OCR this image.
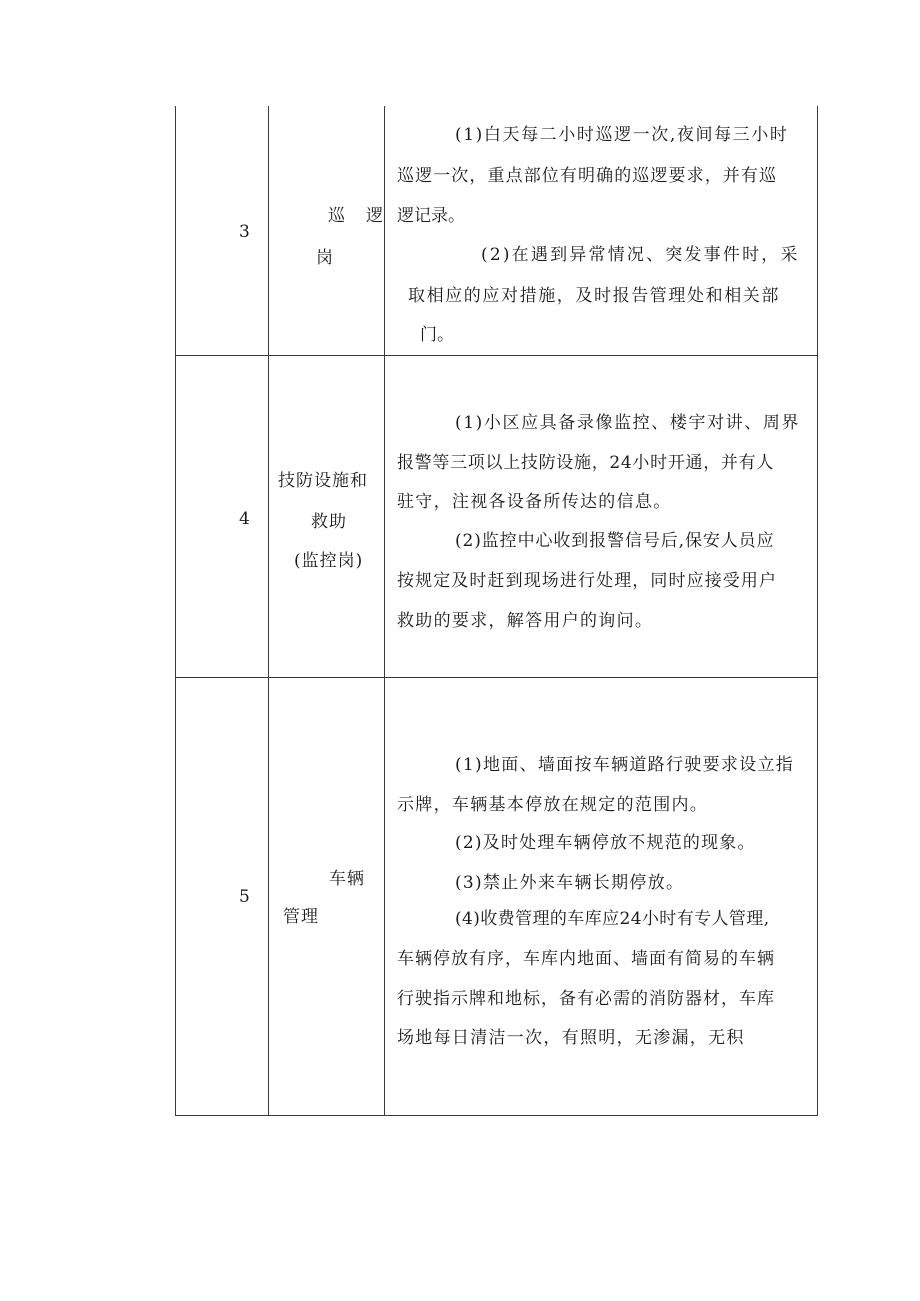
3
巡　逻
岗
(1)白天每二小时巡逻一次,夜间每三小时
巡逻一次，重点部位有明确的巡逻要求，并有巡
逻记录。
(2)在遇到异常情况、突发事件时，采
取相应的应对措施，及时报告管理处和相关部
门。
4
技防设施和
救助
(监控岗)
(1)小区应具备录像监控、楼宇对讲、周界
报警等三项以上技防设施，24小时开通，并有人
驻守，注视各设备所传达的信息。
(2)监控中心收到报警信号后,保安人员应
按规定及时赶到现场进行处理，同时应接受用户
救助的要求，解答用户的询问。
5
车辆
管理
(1)地面、墙面按车辆道路行驶要求设立指
示牌，车辆基本停放在规定的范围内。
(2)及时处理车辆停放不规范的现象。
(3)禁止外来车辆长期停放。
(4)收费管理的车库应24小时有专人管理,
车辆停放有序，车库内地面、墙面有简易的车辆
行驶指示牌和地标，备有必需的消防器材，车库
场地每日清洁一次，有照明，无渗漏，无积
